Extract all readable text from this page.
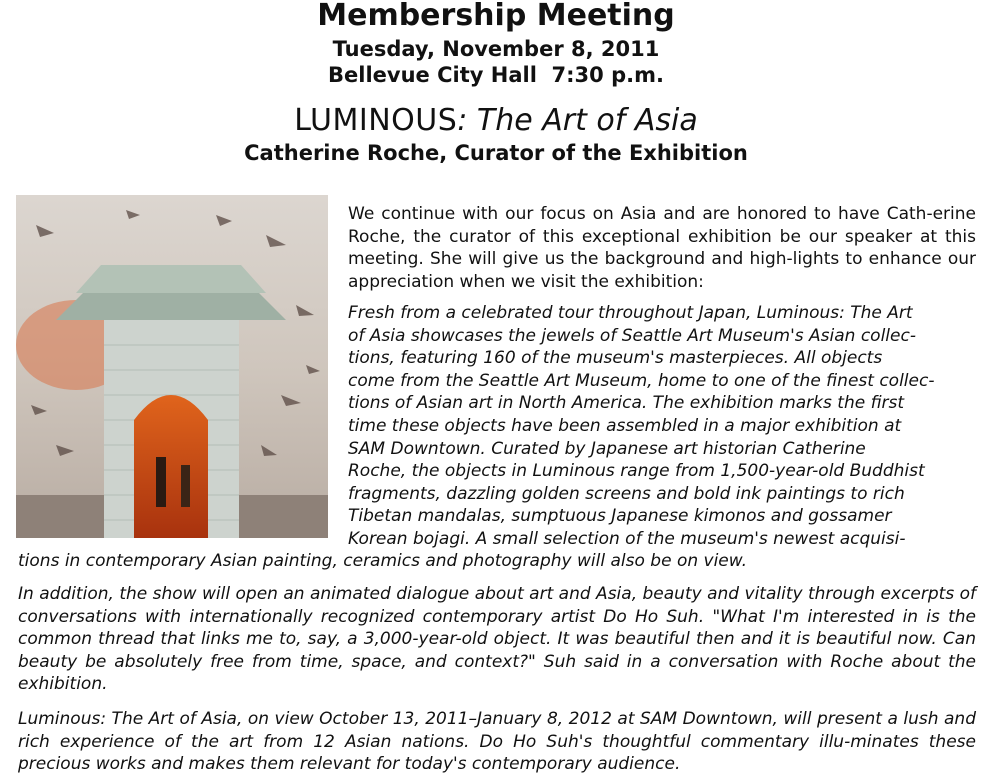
Membership Meeting
Tuesday, November 8, 2011
Bellevue City Hall  7:30 p.m.
LUMINOUS: The Art of Asia
Catherine Roche, Curator of the Exhibition

We continue with our focus on Asia and are honored to have Cath-erine Roche, the curator of this exceptional exhibition be our speaker at this meeting. She will give us the background and high-lights to enhance our appreciation when we visit the exhibition:

Fresh from a celebrated tour throughout Japan, Luminous: The Art
of Asia showcases the jewels of Seattle Art Museum's Asian collec-
tions, featuring 160 of the museum's masterpieces. All objects
come from the Seattle Art Museum, home to one of the finest collec-
tions of Asian art in North America. The exhibition marks the first
time these objects have been assembled in a major exhibition at
SAM Downtown. Curated by Japanese art historian Catherine
Roche, the objects in Luminous range from 1,500-year-old Buddhist
fragments, dazzling golden screens and bold ink paintings to rich
Tibetan mandalas, sumptuous Japanese kimonos and gossamer
Korean bojagi. A small selection of the museum's newest acquisi-

tions in contemporary Asian painting, ceramics and photography will also be on view.

In addition, the show will open an animated dialogue about art and Asia, beauty and vitality through excerpts of conversations with internationally recognized contemporary artist Do Ho Suh. "What I'm interested in is the common thread that links me to, say, a 3,000-year-old object. It was beautiful then and it is beautiful now. Can beauty be absolutely free from time, space, and context?" Suh said in a conversation with Roche about the exhibition.

Luminous: The Art of Asia, on view October 13, 2011–January 8, 2012 at SAM Downtown, will present a lush and rich experience of the art from 12 Asian nations. Do Ho Suh's thoughtful commentary illu-minates these precious works and makes them relevant for today's contemporary audience.
